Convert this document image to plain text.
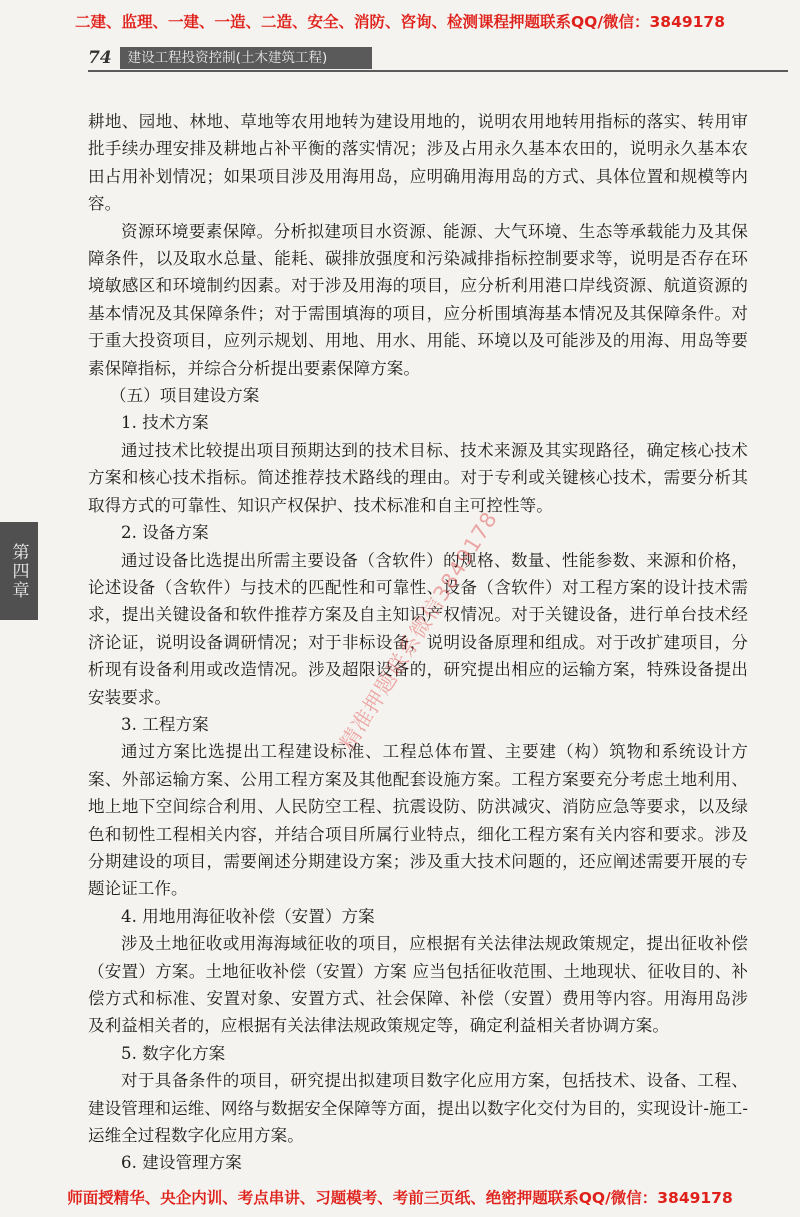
二建、监理、一建、一造、二造、安全、消防、咨询、检测课程押题联系QQ/微信：3849178
74	建设工程投资控制(土木建筑工程)
第四章

耕地、园地、林地、草地等农用地转为建设用地的，说明农用地转用指标的落实、转用审批手续办理安排及耕地占补平衡的落实情况；涉及占用永久基本农田的，说明永久基本农田占用补划情况；如果项目涉及用海用岛，应明确用海用岛的方式、具体位置和规模等内容。

资源环境要素保障。分析拟建项目水资源、能源、大气环境、生态等承载能力及其保障条件，以及取水总量、能耗、碳排放强度和污染减排指标控制要求等，说明是否存在环境敏感区和环境制约因素。对于涉及用海的项目，应分析利用港口岸线资源、航道资源的基本情况及其保障条件；对于需围填海的项目，应分析围填海基本情况及其保障条件。对于重大投资项目，应列示规划、用地、用水、用能、环境以及可能涉及的用海、用岛等要素保障指标，并综合分析提出要素保障方案。

（五）项目建设方案
1. 技术方案

通过技术比较提出项目预期达到的技术目标、技术来源及其实现路径，确定核心技术方案和核心技术指标。简述推荐技术路线的理由。对于专利或关键核心技术，需要分析其取得方式的可靠性、知识产权保护、技术标准和自主可控性等。

2. 设备方案

通过设备比选提出所需主要设备（含软件）的规格、数量、性能参数、来源和价格，论述设备（含软件）与技术的匹配性和可靠性、设备（含软件）对工程方案的设计技术需求，提出关键设备和软件推荐方案及自主知识产权情况。对于关键设备，进行单台技术经济论证，说明设备调研情况；对于非标设备，说明设备原理和组成。对于改扩建项目，分析现有设备利用或改造情况。涉及超限设备的，研究提出相应的运输方案，特殊设备提出安装要求。

3. 工程方案

通过方案比选提出工程建设标准、工程总体布置、主要建（构）筑物和系统设计方案、外部运输方案、公用工程方案及其他配套设施方案。工程方案要充分考虑土地利用、地上地下空间综合利用、人民防空工程、抗震设防、防洪减灾、消防应急等要求，以及绿色和韧性工程相关内容，并结合项目所属行业特点，细化工程方案有关内容和要求。涉及分期建设的项目，需要阐述分期建设方案；涉及重大技术问题的，还应阐述需要开展的专题论证工作。

4. 用地用海征收补偿（安置）方案

涉及土地征收或用海海域征收的项目，应根据有关法律法规政策规定，提出征收补偿（安置）方案。土地征收补偿（安置）方案 应当包括征收范围、土地现状、征收目的、补偿方式和标准、安置对象、安置方式、社会保障、补偿（安置）费用等内容。用海用岛涉及利益相关者的，应根据有关法律法规政策规定等，确定利益相关者协调方案。

5. 数字化方案

对于具备条件的项目，研究提出拟建项目数字化应用方案，包括技术、设备、工程、建设管理和运维、网络与数据安全保障等方面，提出以数字化交付为目的，实现设计-施工-运维全过程数字化应用方案。

6. 建设管理方案
精准押题联系微信3849178
师面授精华、央企内训、考点串讲、习题模考、考前三页纸、绝密押题联系QQ/微信：3849178
